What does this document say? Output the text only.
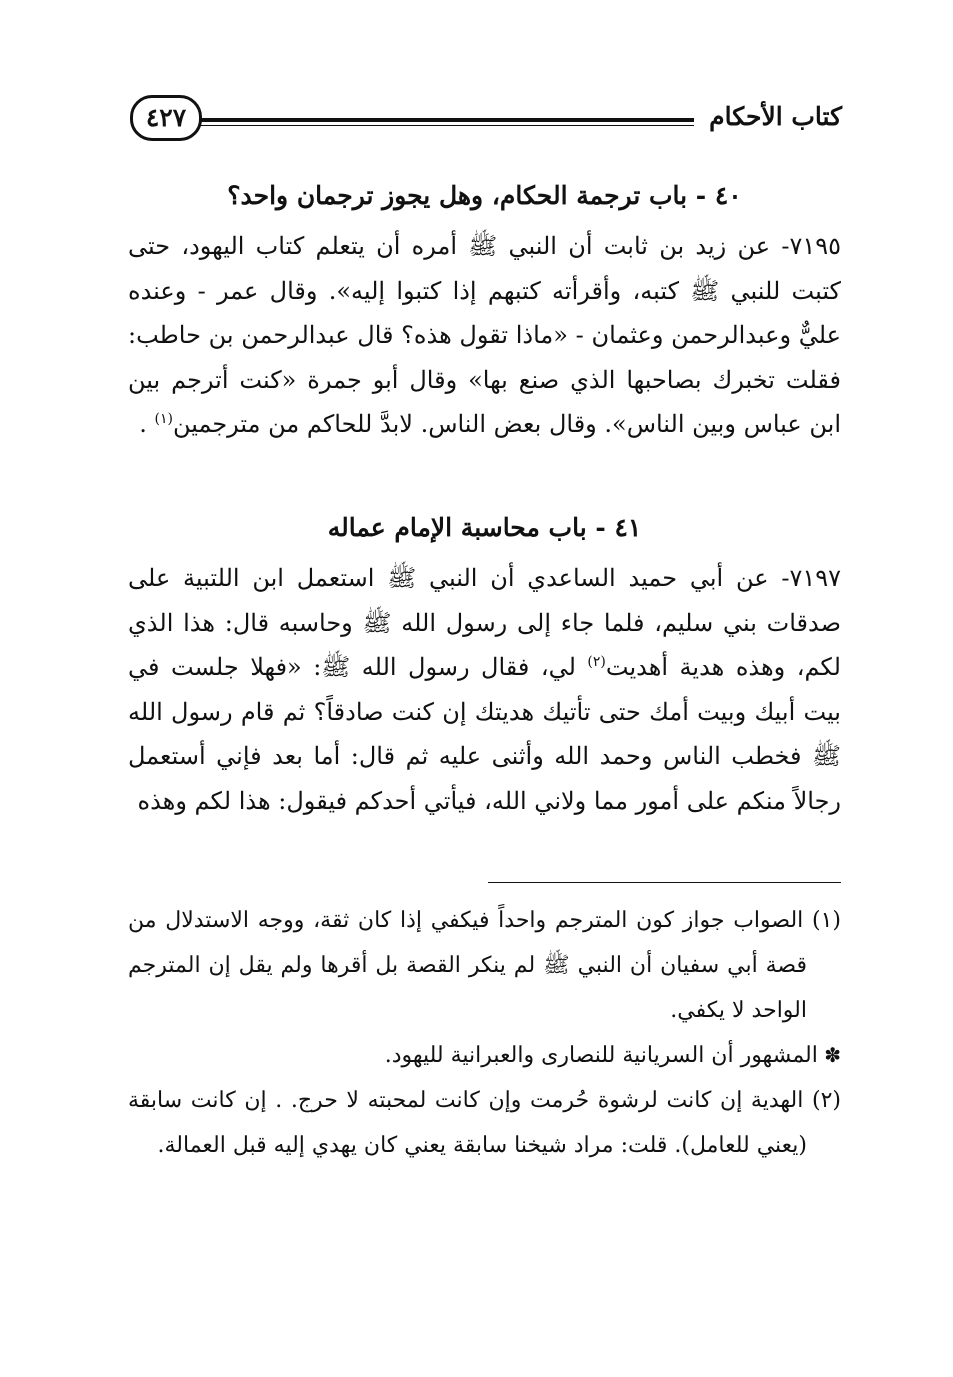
كتاب الأحكام
٤٢٧
٤٠ - باب ترجمة الحكام، وهل يجوز ترجمان واحد؟

٧١٩٥- عن زيد بن ثابت أن النبي ﷺ أمره أن يتعلم كتاب اليهود، حتى كتبت للنبي ﷺ كتبه، وأقرأته كتبهم إذا كتبوا إليه». وقال عمر - وعنده عليٌّ وعبدالرحمن وعثمان - «ماذا تقول هذه؟ قال عبدالرحمن بن حاطب: فقلت تخبرك بصاحبها الذي صنع بها» وقال أبو جمرة «كنت أترجم بين ابن عباس وبين الناس». وقال بعض الناس. لابدَّ للحاكم من مترجمين$^{(١)}$ .

٤١ - باب محاسبة الإمام عماله

٧١٩٧- عن أبي حميد الساعدي أن النبي ﷺ استعمل ابن اللتبية على صدقات بني سليم، فلما جاء إلى رسول الله ﷺ وحاسبه قال: هذا الذي لكم، وهذه هدية أهديت$^{(٢)}$ لي، فقال رسول الله ﷺ: «فهلا جلست في بيت أبيك وبيت أمك حتى تأتيك هديتك إن كنت صادقاً؟ ثم قام رسول الله ﷺ فخطب الناس وحمد الله وأثنى عليه ثم قال: أما بعد فإني أستعمل رجالاً منكم على أمور مما ولاني الله، فيأتي أحدكم فيقول: هذا لكم وهذه

(١) الصواب جواز كون المترجم واحداً فيكفي إذا كان ثقة، ووجه الاستدلال من قصة أبي سفيان أن النبي ﷺ لم ينكر القصة بل أقرها ولم يقل إن المترجم الواحد لا يكفي.

✽ المشهور أن السريانية للنصارى والعبرانية لليهود.

(٢) الهدية إن كانت لرشوة حُرمت وإن كانت لمحبته لا حرج. . إن كانت سابقة (يعني للعامل). قلت: مراد شيخنا سابقة يعني كان يهدي إليه قبل العمالة.
